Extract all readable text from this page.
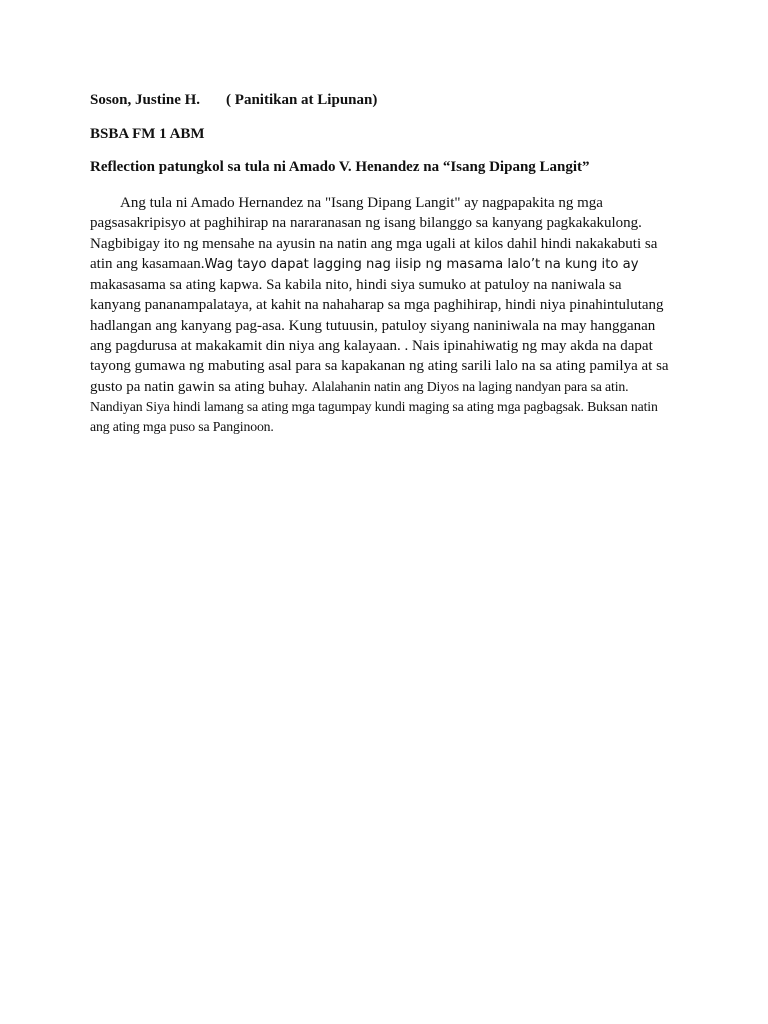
Soson, Justine H. ( Panitikan at Lipunan)
BSBA FM 1 ABM
Reflection patungkol sa tula ni Amado V. Henandez na “Isang Dipang Langit”
Ang tula ni Amado Hernandez na "Isang Dipang Langit" ay nagpapakita ng mga
pagsasakripisyo at paghihirap na nararanasan ng isang bilanggo sa kanyang pagkakakulong.
Nagbibigay ito ng mensahe na ayusin na natin ang mga ugali at kilos dahil hindi nakakabuti sa
atin ang kasamaan.Wag tayo dapat lagging nag iisip ng masama lalo’t na kung ito ay
makasasama sa ating kapwa. Sa kabila nito, hindi siya sumuko at patuloy na naniwala sa
kanyang pananampalataya, at kahit na nahaharap sa mga paghihirap, hindi niya pinahintulutang
hadlangan ang kanyang pag-asa. Kung tutuusin, patuloy siyang naniniwala na may hangganan
ang pagdurusa at makakamit din niya ang kalayaan. . Nais ipinahiwatig ng may akda na dapat
tayong gumawa ng mabuting asal para sa kapakanan ng ating sarili lalo na sa ating pamilya at sa
gusto pa natin gawin sa ating buhay. Alalahanin natin ang Diyos na laging nandyan para sa atin.
Nandiyan Siya hindi lamang sa ating mga tagumpay kundi maging sa ating mga pagbagsak. Buksan natin
ang ating mga puso sa Panginoon.
